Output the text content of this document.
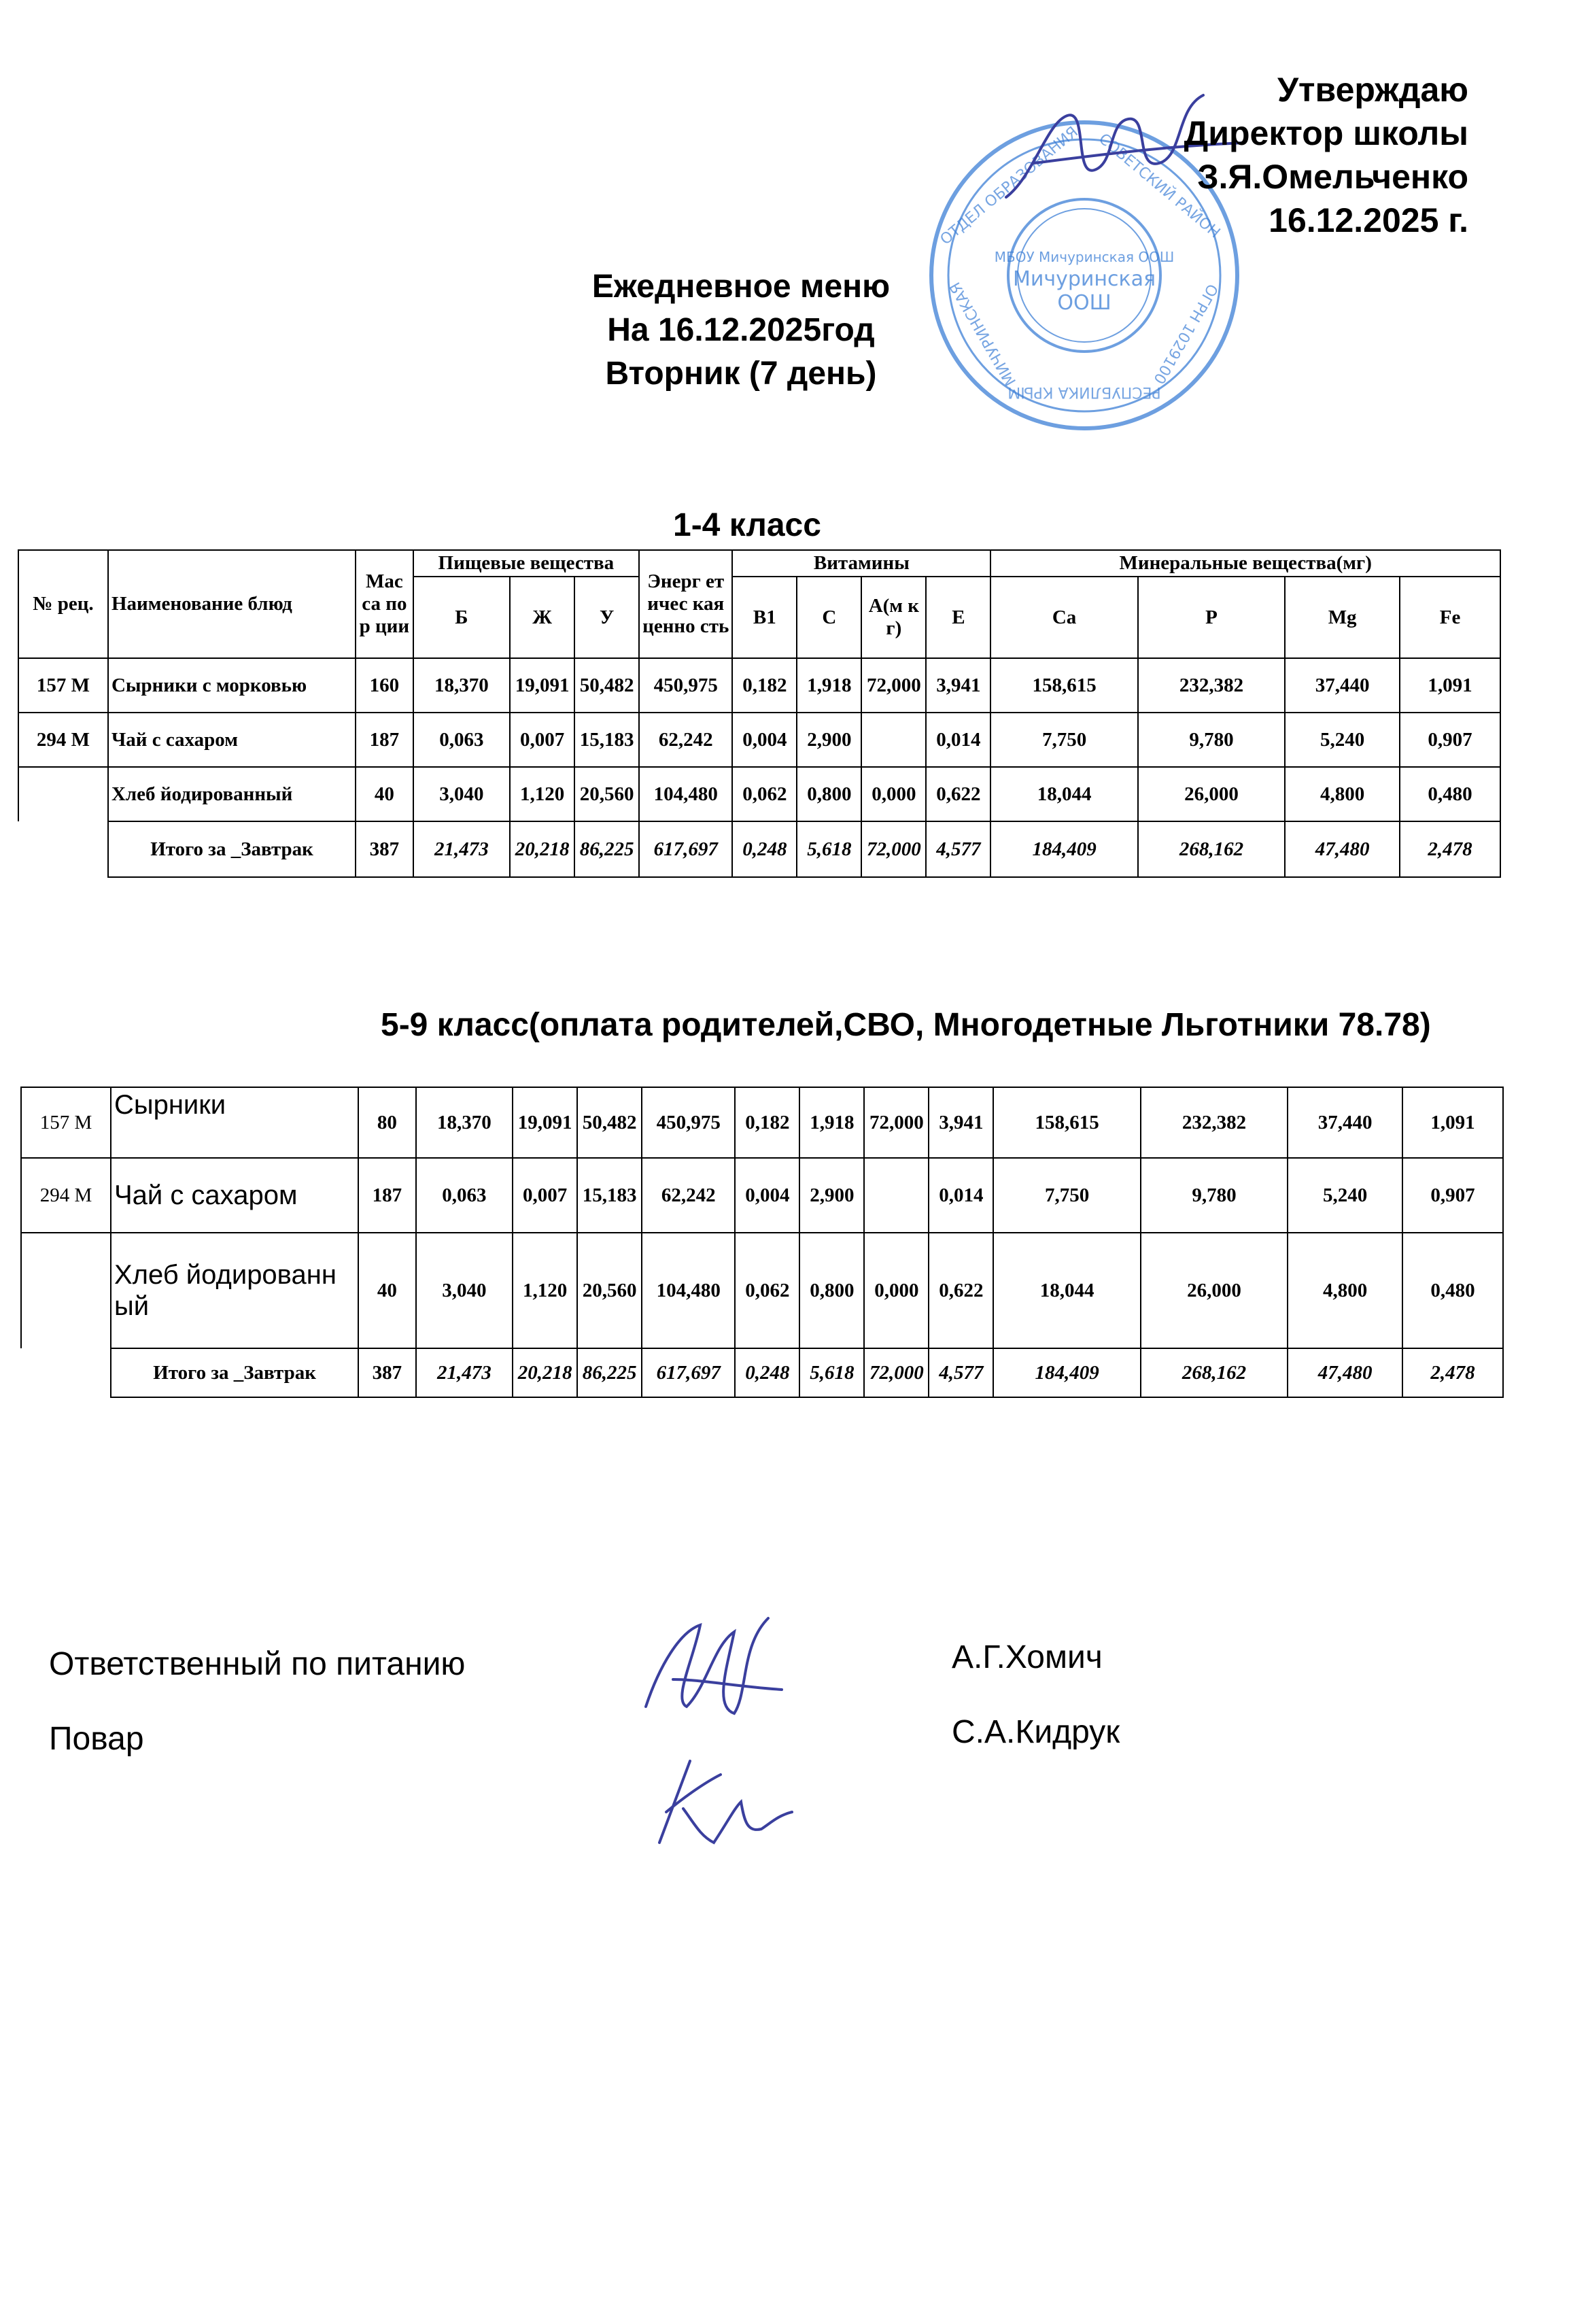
ОТДЕЛ ОБРАЗОВАНИЯ СОВЕТСКИЙ РАЙОН
ОГРН 1029100
МИЧУРИНСКАЯ
РЕСПУБЛИКА КРЫМ
МБОУ Мичуринская ООШ
Мичуринская
ООШ
Утверждаю
Директор школы
З.Я.Омельченко
16.12.2025 г.
Ежедневное меню
На 16.12.2025год
Вторник (7 день)
1-4 класс
№ рец.	Наименование блюд	Мас са пор ции	Пищевые вещества			Энерг етичес кая ценно сть	Витамины				Минеральные вещества(мг)			
			Б	Ж	У		В1	С	А(м кг)	Е	Ca	P	Mg	Fe
157 М	Сырники с морковью	160	18,370	19,091	50,482	450,975	0,182	1,918	72,000	3,941	158,615	232,382	37,440	1,091
294 М	Чай с сахаром	187	0,063	0,007	15,183	62,242	0,004	2,900		0,014	7,750	9,780	5,240	0,907
	Хлеб йодированный	40	3,040	1,120	20,560	104,480	0,062	0,800	0,000	0,622	18,044	26,000	4,800	0,480
	Итого за _Завтрак	387	21,473	20,218	86,225	617,697	0,248	5,618	72,000	4,577	184,409	268,162	47,480	2,478
5-9 класс(оплата родителей,СВО, Многодетные Льготники 78.78)
157 М	Сырники	80	18,370	19,091	50,482	450,975	0,182	1,918	72,000	3,941	158,615	232,382	37,440	1,091
294 М	Чай с сахаром	187	0,063	0,007	15,183	62,242	0,004	2,900		0,014	7,750	9,780	5,240	0,907
	Хлеб йодированный	40	3,040	1,120	20,560	104,480	0,062	0,800	0,000	0,622	18,044	26,000	4,800	0,480
	Итого за _Завтрак	387	21,473	20,218	86,225	617,697	0,248	5,618	72,000	4,577	184,409	268,162	47,480	2,478
Ответственный по питанию	А.Г.Хомич
Повар	С.А.Кидрук
